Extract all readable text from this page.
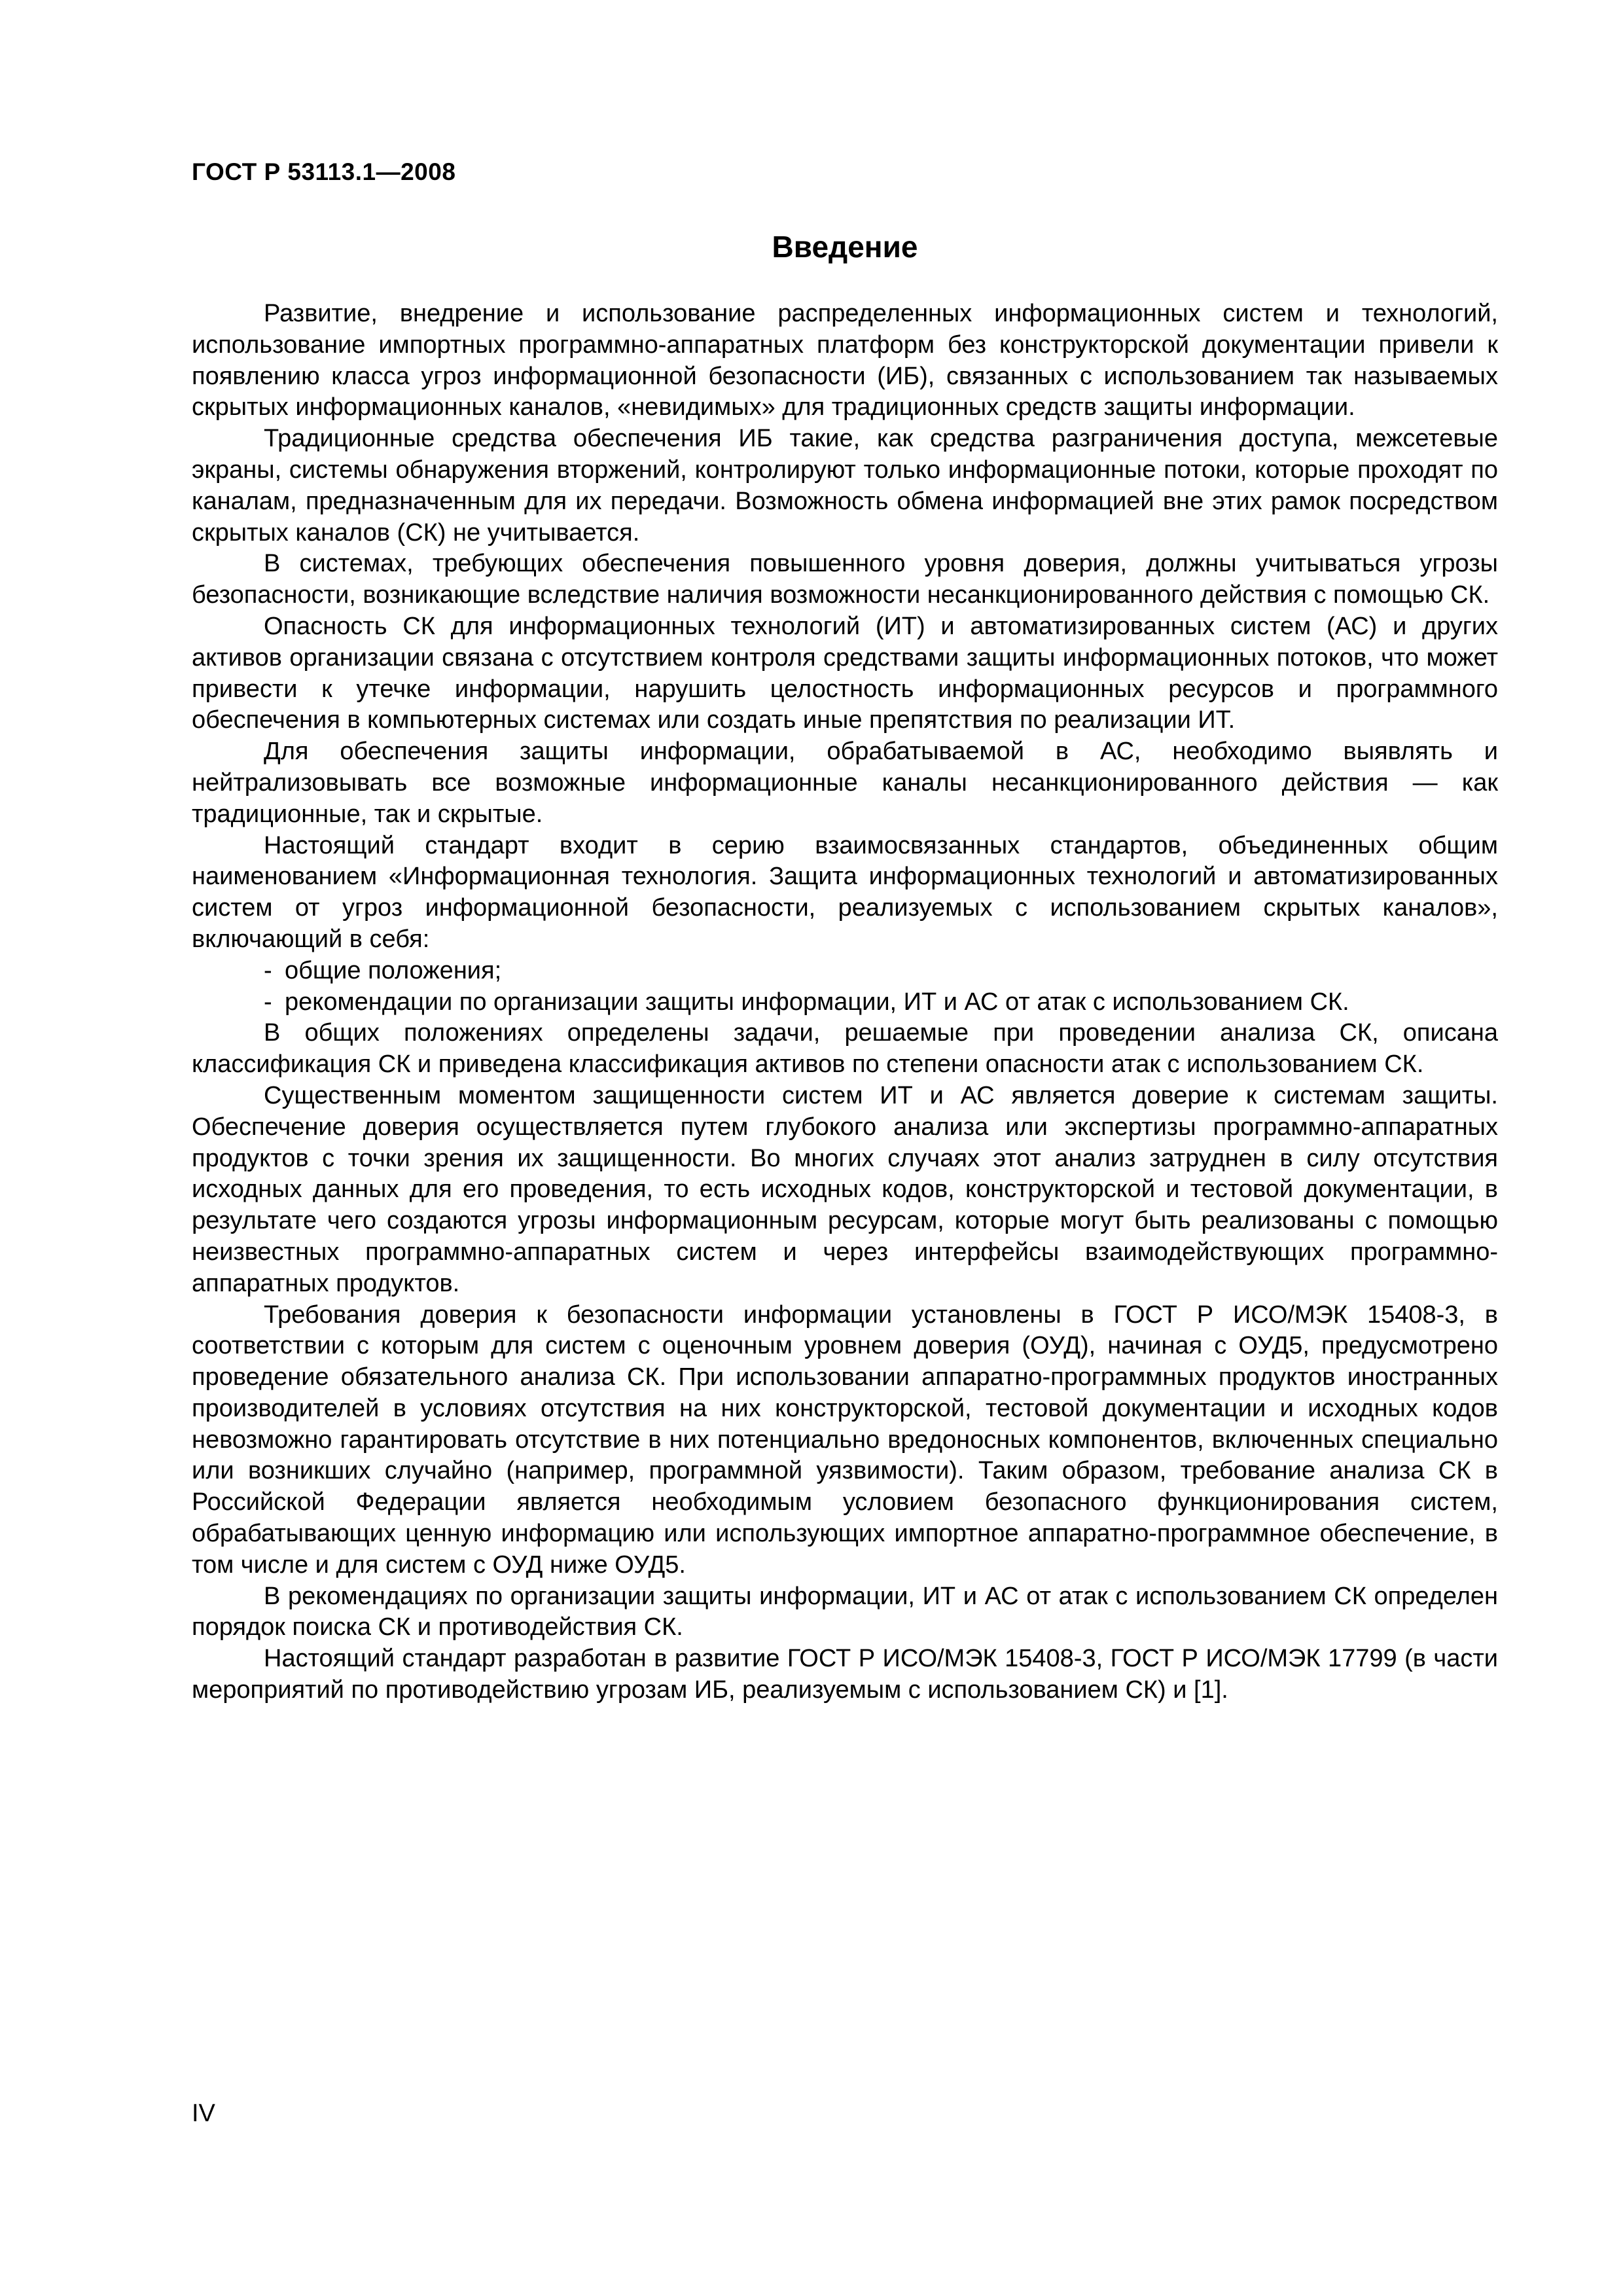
ГОСТ Р 53113.1—2008
Введение

Развитие, внедрение и использование распределенных информационных систем и технологий, использование импортных программно-аппаратных платформ без конструкторской документации привели к появлению класса угроз информационной безопасности (ИБ), связанных с использованием так называемых скрытых информационных каналов, «невидимых» для традиционных средств защиты информации.

Традиционные средства обеспечения ИБ такие, как средства разграничения доступа, межсетевые экраны, системы обнаружения вторжений, контролируют только информационные потоки, которые проходят по каналам, предназначенным для их передачи. Возможность обмена информацией вне этих рамок посредством скрытых каналов (СК) не учитывается.

В системах, требующих обеспечения повышенного уровня доверия, должны учитываться угрозы безопасности, возникающие вследствие наличия возможности несанкционированного действия с помощью СК.

Опасность СК для информационных технологий (ИТ) и автоматизированных систем (АС) и других активов организации связана с отсутствием контроля средствами защиты информационных потоков, что может привести к утечке информации, нарушить целостность информационных ресурсов и программного обеспечения в компьютерных системах или создать иные препятствия по реализации ИТ.

Для обеспечения защиты информации, обрабатываемой в АС, необходимо выявлять и нейтрализовывать все возможные информационные каналы несанкционированного действия — как традиционные, так и скрытые.

Настоящий стандарт входит в серию взаимосвязанных стандартов, объединенных общим наименованием «Информационная технология. Защита информационных технологий и автоматизированных систем от угроз информационной безопасности, реализуемых с использованием скрытых каналов», включающий в себя:

- общие положения;
- рекомендации по организации защиты информации, ИТ и АС от атак с использованием СК.

В общих положениях определены задачи, решаемые при проведении анализа СК, описана классификация СК и приведена классификация активов по степени опасности атак с использованием СК.

Существенным моментом защищенности систем ИТ и АС является доверие к системам защиты. Обеспечение доверия осуществляется путем глубокого анализа или экспертизы программно-аппаратных продуктов с точки зрения их защищенности. Во многих случаях этот анализ затруднен в силу отсутствия исходных данных для его проведения, то есть исходных кодов, конструкторской и тестовой документации, в результате чего создаются угрозы информационным ресурсам, которые могут быть реализованы с помощью неизвестных программно-аппаратных систем и через интерфейсы взаимодействующих программно-аппаратных продуктов.

Требования доверия к безопасности информации установлены в ГОСТ Р ИСО/МЭК 15408-3, в соответствии с которым для систем с оценочным уровнем доверия (ОУД), начиная с ОУД5, предусмотрено проведение обязательного анализа СК. При использовании аппаратно-программных продуктов иностранных производителей в условиях отсутствия на них конструкторской, тестовой документации и исходных кодов невозможно гарантировать отсутствие в них потенциально вредоносных компонентов, включенных специально или возникших случайно (например, программной уязвимости). Таким образом, требование анализа СК в Российской Федерации является необходимым условием безопасного функционирования систем, обрабатывающих ценную информацию или использующих импортное аппаратно-программное обеспечение, в том числе и для систем с ОУД ниже ОУД5.

В рекомендациях по организации защиты информации, ИТ и АС от атак с использованием СК определен порядок поиска СК и противодействия СК.

Настоящий стандарт разработан в развитие ГОСТ Р ИСО/МЭК 15408-3, ГОСТ Р ИСО/МЭК 17799 (в части мероприятий по противодействию угрозам ИБ, реализуемым с использованием СК) и [1].

IV
